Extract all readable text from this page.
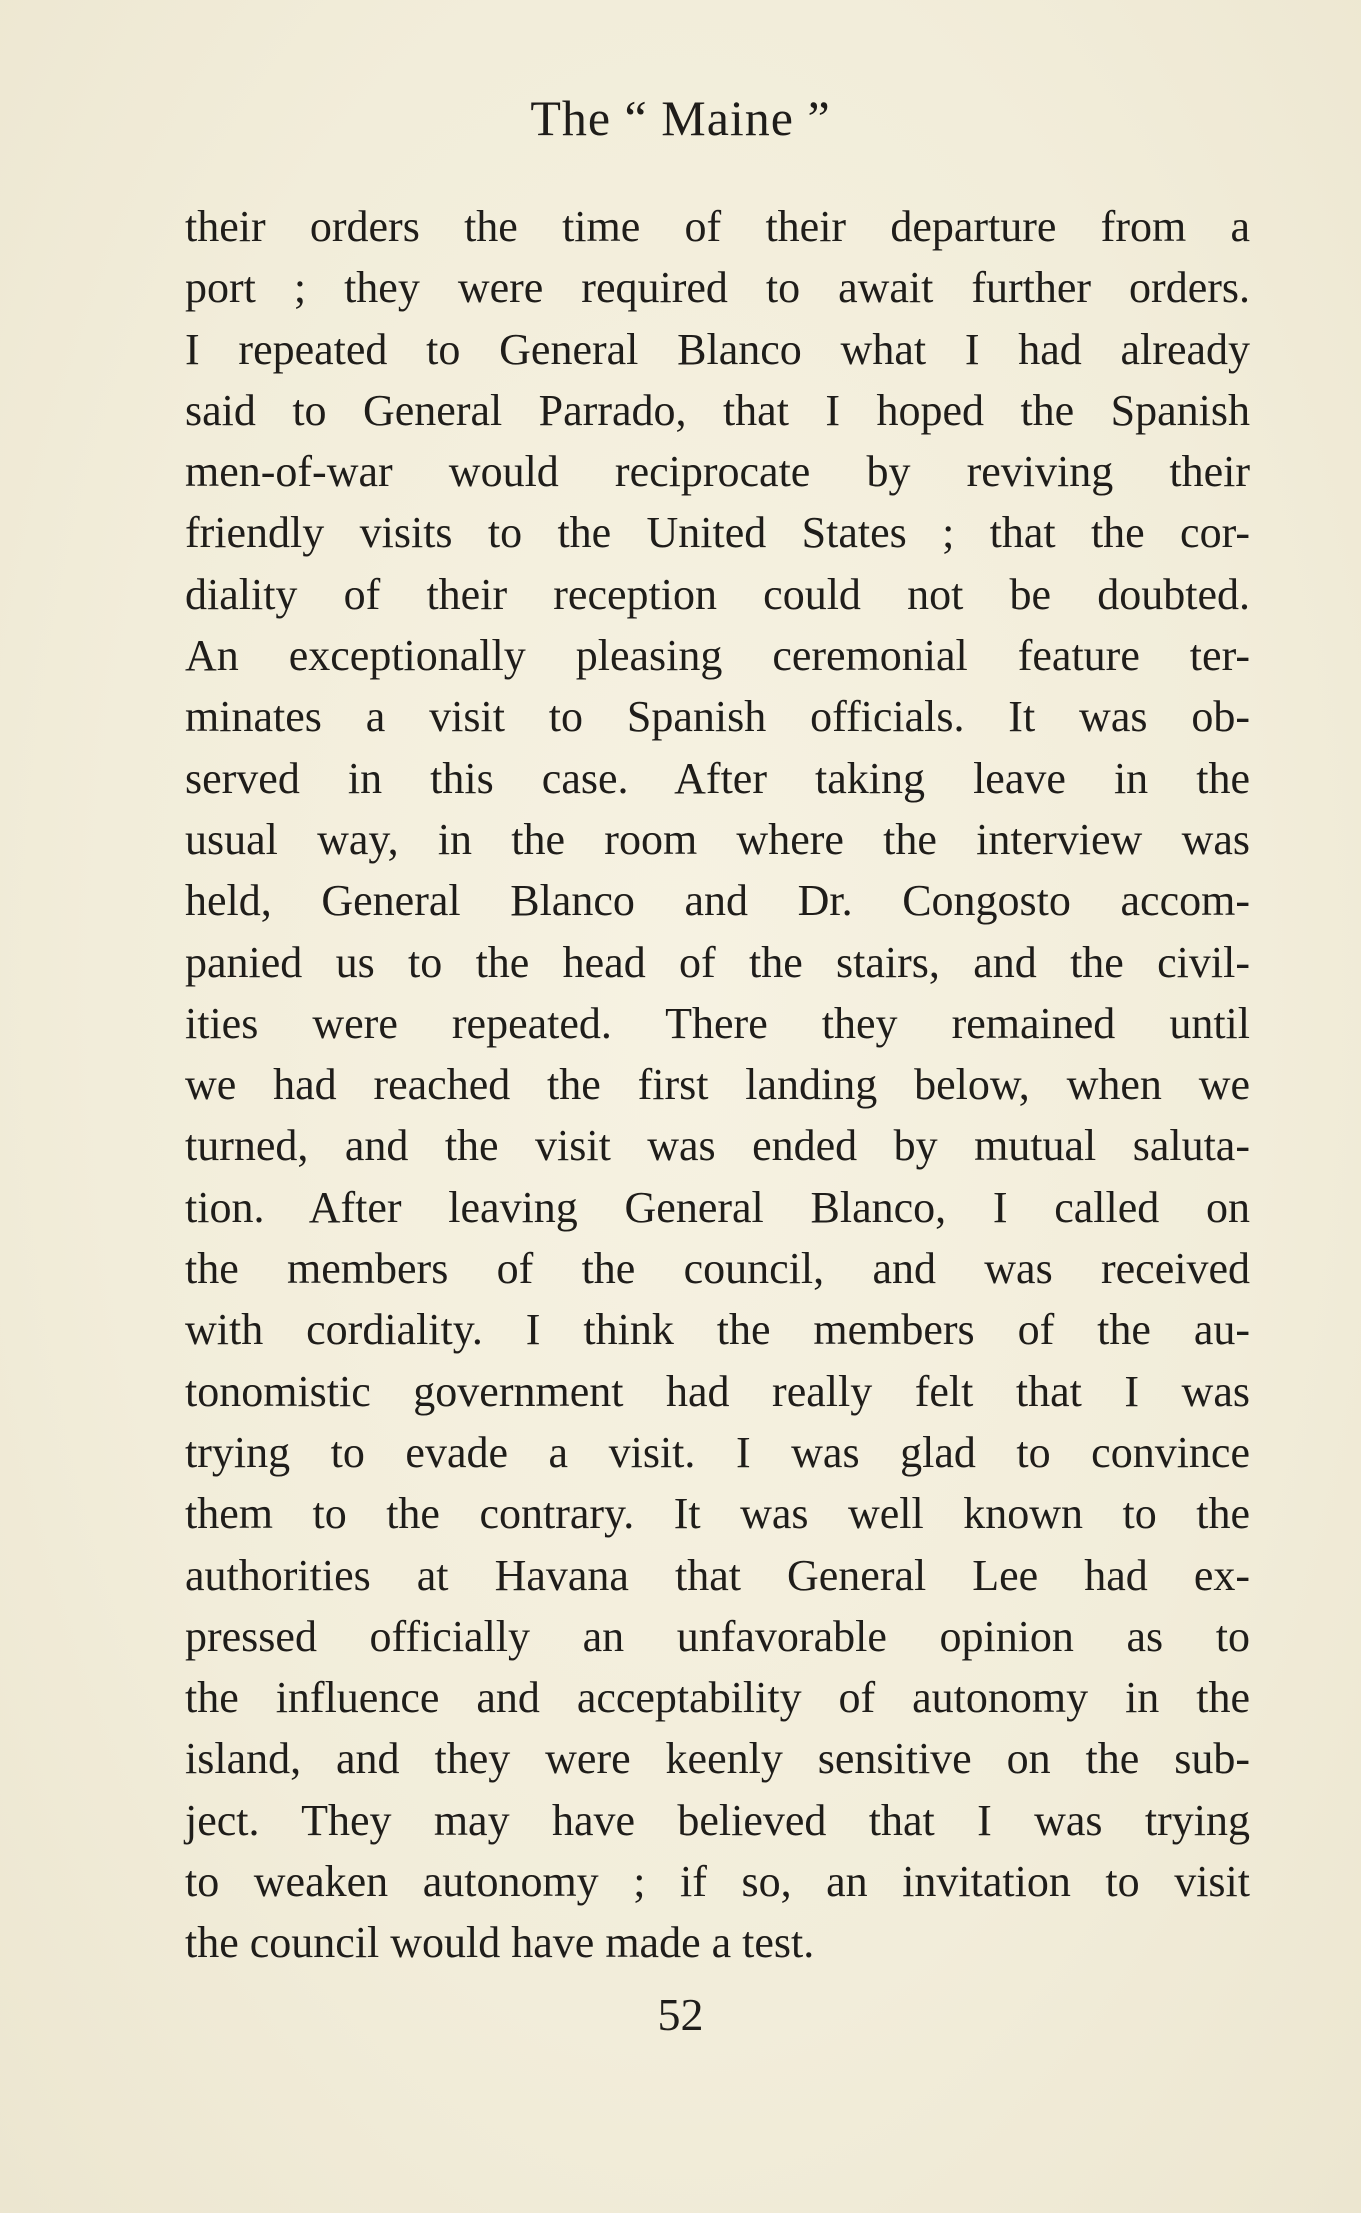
The “ Maine ”
their orders the time of their departure from a
port ; they were required to await further orders.
I repeated to General Blanco what I had already
said to General Parrado, that I hoped the Spanish
men-of-war would reciprocate by reviving their
friendly visits to the United States ; that the cor-
diality of their reception could not be doubted.
An exceptionally pleasing ceremonial feature ter-
minates a visit to Spanish officials. It was ob-
served in this case. After taking leave in the
usual way, in the room where the interview was
held, General Blanco and Dr. Congosto accom-
panied us to the head of the stairs, and the civil-
ities were repeated. There they remained until
we had reached the first landing below, when we
turned, and the visit was ended by mutual saluta-
tion. After leaving General Blanco, I called on
the members of the council, and was received
with cordiality. I think the members of the au-
tonomistic government had really felt that I was
trying to evade a visit. I was glad to convince
them to the contrary. It was well known to the
authorities at Havana that General Lee had ex-
pressed officially an unfavorable opinion as to
the influence and acceptability of autonomy in the
island, and they were keenly sensitive on the sub-
ject. They may have believed that I was trying
to weaken autonomy ; if so, an invitation to visit
the council would have made a test.
52
